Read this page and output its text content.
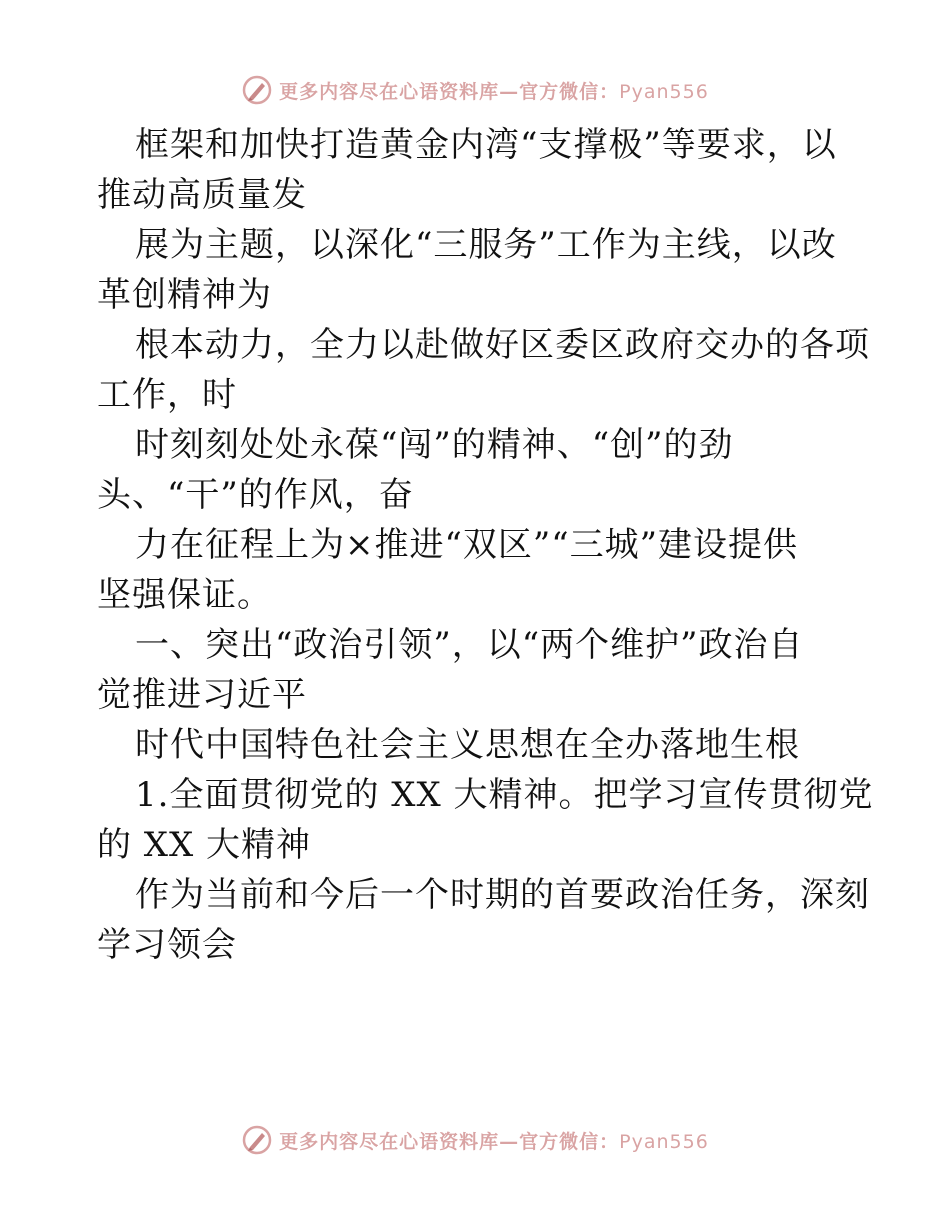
更多内容尽在心语资料库—官方微信：Pyan556
框架和加快打造黄金内湾“支撑极”等要求，以
推动高质量发
展为主题，以深化“三服务”工作为主线，以改
革创精神为
根本动力，全力以赴做好区委区政府交办的各项
工作，时
时刻刻处处永葆“闯”的精神、“创”的劲
头、“干”的作风，奋
力在征程上为×推进“双区”“三城”建设提供
坚强保证。
一、突出“政治引领”，以“两个维护”政治自
觉推进习近平
时代中国特色社会主义思想在全办落地生根
1.全面贯彻党的 XX 大精神。把学习宣传贯彻党
的 XX 大精神
作为当前和今后一个时期的首要政治任务，深刻
学习领会
更多内容尽在心语资料库—官方微信：Pyan556
